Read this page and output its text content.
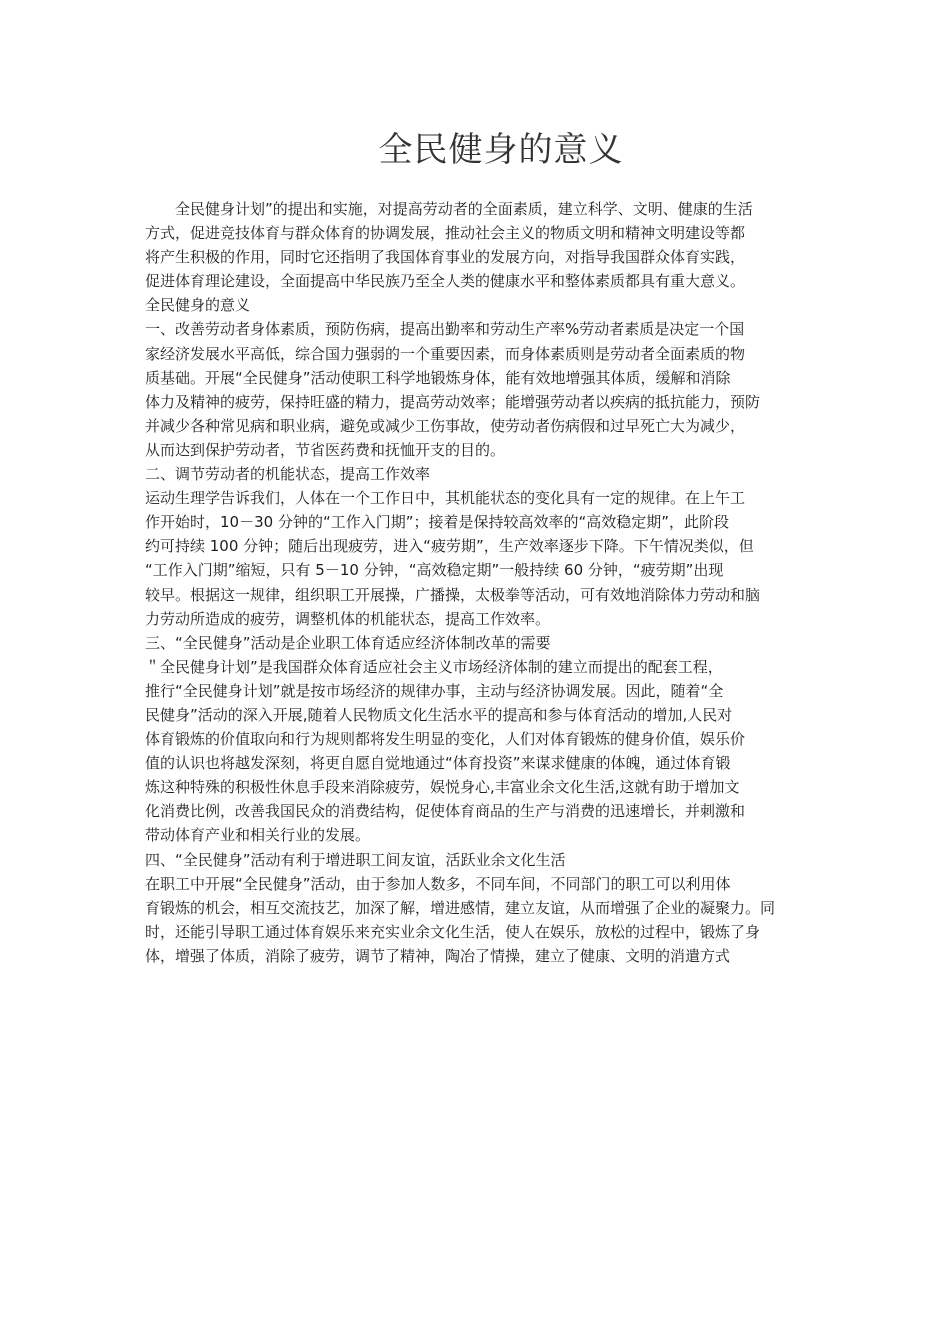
全民健身的意义
全民健身计划”的提出和实施，对提高劳动者的全面素质，建立科学、文明、健康的生活
方式，促进竞技体育与群众体育的协调发展，推动社会主义的物质文明和精神文明建设等都
将产生积极的作用，同时它还指明了我国体育事业的发展方向，对指导我国群众体育实践，
促进体育理论建设，全面提高中华民族乃至全人类的健康水平和整体素质都具有重大意义。
全民健身的意义
一、改善劳动者身体素质，预防伤病，提高出勤率和劳动生产率%劳动者素质是决定一个国
家经济发展水平高低，综合国力强弱的一个重要因素，而身体素质则是劳动者全面素质的物
质基础。开展“全民健身”活动使职工科学地锻炼身体，能有效地增强其体质，缓解和消除
体力及精神的疲劳，保持旺盛的精力，提高劳动效率；能增强劳动者以疾病的抵抗能力，预防
并减少各种常见病和职业病，避免或减少工伤事故，使劳动者伤病假和过早死亡大为减少，
从而达到保护劳动者，节省医药费和抚恤开支的目的。
二、调节劳动者的机能状态，提高工作效率
运动生理学告诉我们，人体在一个工作日中，其机能状态的变化具有一定的规律。在上午工
作开始时，10－30 分钟的“工作入门期”；接着是保持较高效率的“高效稳定期”，此阶段
约可持续 100 分钟；随后出现疲劳，进入“疲劳期”，生产效率逐步下降。下午情况类似，但
“工作入门期”缩短，只有 5－10 分钟，“高效稳定期”一般持续 60 分钟，“疲劳期”出现
较早。根据这一规律，组织职工开展操，广播操，太极拳等活动，可有效地消除体力劳动和脑
力劳动所造成的疲劳，调整机体的机能状态，提高工作效率。
三、“全民健身”活动是企业职工体育适应经济体制改革的需要
＂全民健身计划”是我国群众体育适应社会主义市场经济体制的建立而提出的配套工程，
推行“全民健身计划”就是按市场经济的规律办事，主动与经济协调发展。因此，随着“全
民健身”活动的深入开展,随着人民物质文化生活水平的提高和参与体育活动的增加,人民对
体育锻炼的价值取向和行为规则都将发生明显的变化，人们对体育锻炼的健身价值，娱乐价
值的认识也将越发深刻，将更自愿自觉地通过“体育投资”来谋求健康的体魄，通过体育锻
炼这种特殊的积极性休息手段来消除疲劳，娱悦身心,丰富业余文化生活,这就有助于增加文
化消费比例，改善我国民众的消费结构，促使体育商品的生产与消费的迅速增长，并刺激和
带动体育产业和相关行业的发展。
四、“全民健身”活动有利于增进职工间友谊，活跃业余文化生活
在职工中开展“全民健身”活动，由于参加人数多，不同车间，不同部门的职工可以利用体
育锻炼的机会，相互交流技艺，加深了解，增进感情，建立友谊，从而增强了企业的凝聚力。同
时，还能引导职工通过体育娱乐来充实业余文化生活，使人在娱乐，放松的过程中，锻炼了身
体，增强了体质，消除了疲劳，调节了精神，陶冶了情操，建立了健康、文明的消遣方式
